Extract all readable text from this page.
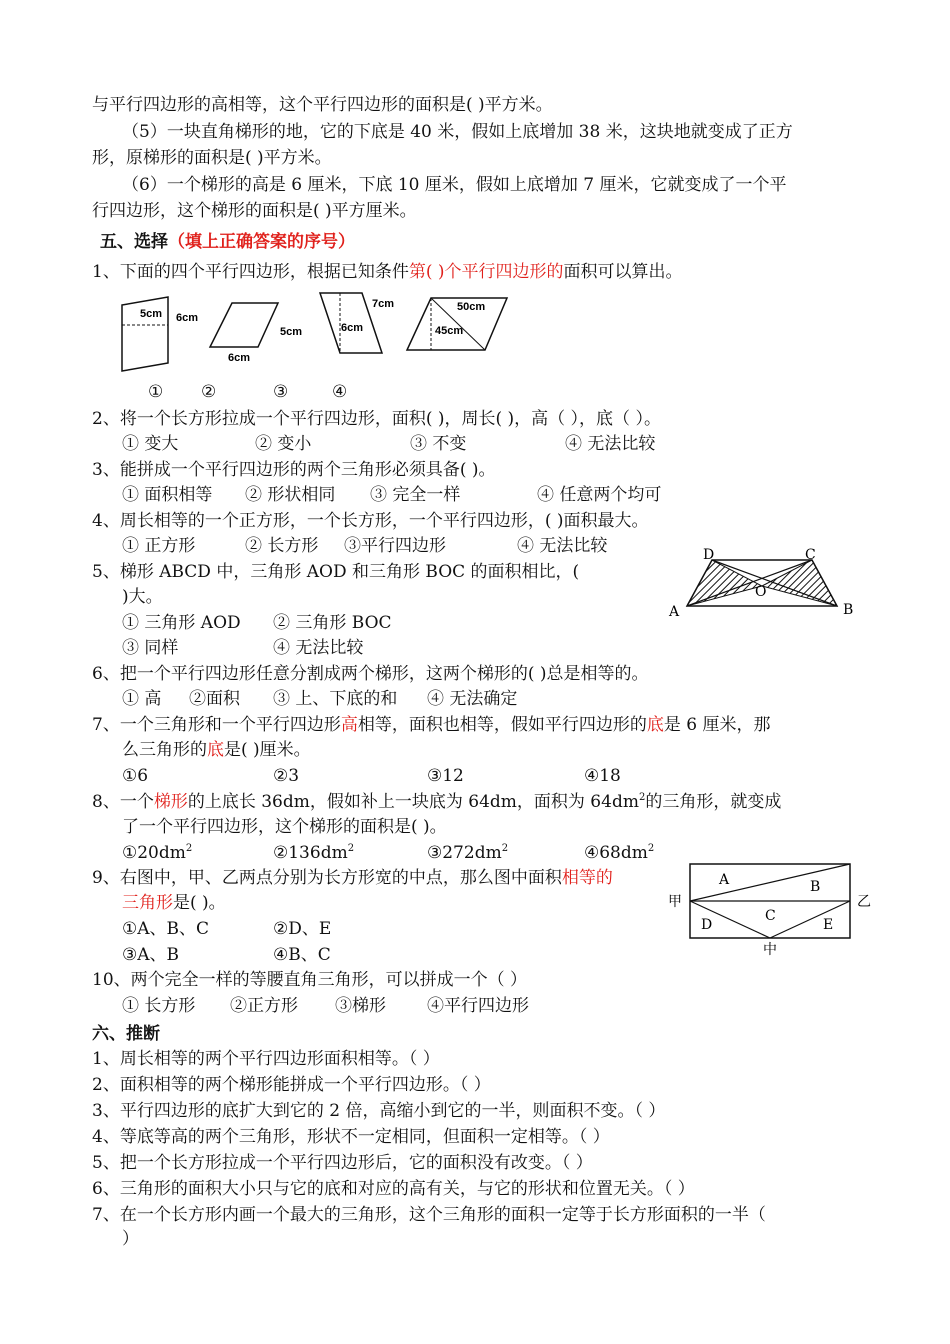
与平行四边形的高相等，这个平行四边形的面积是( )平方米。
（5）一块直角梯形的地，它的下底是 40 米，假如上底增加 38 米，这块地就变成了正方
形，原梯形的面积是( )平方米。
（6）一个梯形的高是 6 厘米，下底 10 厘米，假如上底增加 7 厘米，它就变成了一个平
行四边形，这个梯形的面积是( )平方厘米。
五、选择（填上正确答案的序号）
1、下面的四个平行四边形，根据已知条件第( )个平行四边形的面积可以算出。
5cm 6cm
5cm
6cm
7cm
6cm
50cm
45cm
① ②	③	④
2、将一个长方形拉成一个平行四边形，面积( )，周长( )，高（ ），底（ ）。
① 变大	② 变小	③ 不变	④ 无法比较
3、能拼成一个平行四边形的两个三角形必须具备( )。
① 面积相等 ② 形状相同 ③ 完全一样	④ 任意两个均可
4、周长相等的一个正方形，一个长方形，一个平行四边形，( )面积最大。
① 正方形	② 长方形 ③平行四边形	④ 无法比较
5、梯形 ABCD 中，三角形 AOD 和三角形 BOC 的面积相比，(
)大。
① 三角形 AOD ② 三角形 BOC
③ 同样	④ 无法比较
D	C
A	B
O
6、把一个平行四边形任意分割成两个梯形，这两个梯形的( )总是相等的。
① 高 ②面积 ③ 上、下底的和 ④ 无法确定
7、一个三角形和一个平行四边形高相等，面积也相等，假如平行四边形的底是 6 厘米，那
么三角形的底是( )厘米。
①6	②3	③12	④18
8、一个梯形的上底长 36dm，假如补上一块底为 64dm，面积为 $64dm^2$的三角形，就变成
了一个平行四边形，这个梯形的面积是( )。
$①20dm^2$	$②136dm^2$	$③272dm^2$	$④68dm^2$
9、右图中，甲、乙两点分别为长方形宽的中点，那么图中面积相等的
三角形是( )。
①A、B、C	②D、E
③A、B	④B、C
A	B
C
D	E
甲	乙
中
10、两个完全一样的等腰直角三角形，可以拼成一个（ ）
① 长方形 ②正方形 ③梯形 ④平行四边形
六、推断
1、周长相等的两个平行四边形面积相等。（ ）
2、面积相等的两个梯形能拼成一个平行四边形。（ ）
3、平行四边形的底扩大到它的 2 倍，高缩小到它的一半，则面积不变。（ ）
4、等底等高的两个三角形，形状不一定相同，但面积一定相等。（ ）
5、把一个长方形拉成一个平行四边形后，它的面积没有改变。（ ）
6、三角形的面积大小只与它的底和对应的高有关，与它的形状和位置无关。（ ）
7、在一个长方形内画一个最大的三角形，这个三角形的面积一定等于长方形面积的一半（
）
